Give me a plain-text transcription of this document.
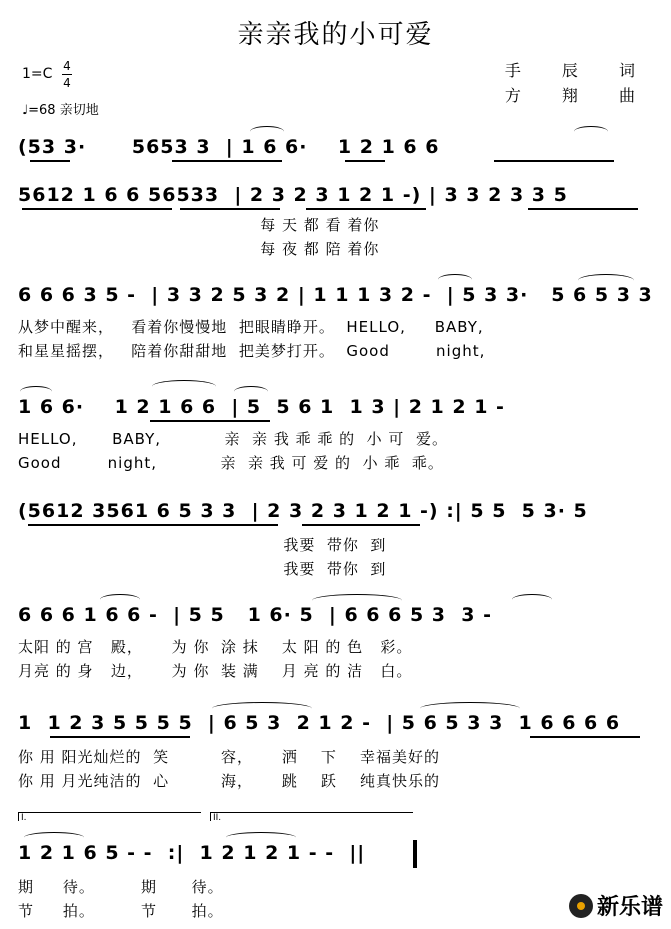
亲亲我的小可爱
1=C 4
4
♩=68 亲切地
手 辰 词
方 翔 曲
(53 3·      5653 3  | 1 6 6·    1 2 1 6 6
5612 1 6 6 56533  | 2 3 2 3 1 2 1 -) | 3 3 2 3 3 5
每 天 都 看 着你
每 夜 都 陪 着你
6 6 6 3 5 -  | 3 3 2 5 3 2 | 1 1 1 3 2 -  | 5 3 3·   5 6 5 3 3
从梦中醒来，   看着你慢慢地  把眼睛睁开。  HELLO,     BABY,
和星星摇摆，   陪着你甜甜地  把美梦打开。  Good        night,
1 6 6·    1 2 1 6 6  | 5  5 6 1  1 3 | 2 1 2 1 -
HELLO,      BABY,           亲  亲 我 乖 乖 的  小 可  爱。
Good        night,           亲  亲 我 可 爱 的  小 乖  乖。
(5612 3561 6 5 3 3  | 2 3 2 3 1 2 1 -) :| 5 5  5 3· 5
我要  带你  到
我要  带你  到
6 6 6 1 6 6 -  | 5 5   1 6· 5  | 6 6 6 5 3  3 -
太阳 的 宫   殿，     为 你  涂 抹    太 阳 的 色   彩。
月亮 的 身   边，     为 你  装 满    月 亮 的 洁   白。
1  1 2 3 5 5 5 5  | 6 5 3  2 1 2 -  | 5 6 5 3 3  1 6 6 6 6
你 用 阳光灿烂的  笑         容，     洒    下    幸福美好的
你 用 月光纯洁的  心         海，     跳    跃    纯真快乐的
I.	II.
1 2 1 6 5 - -  :|  1 2 1 2 1 - -  ||
期     待。        期      待。
节     拍。        节      拍。	新乐谱
